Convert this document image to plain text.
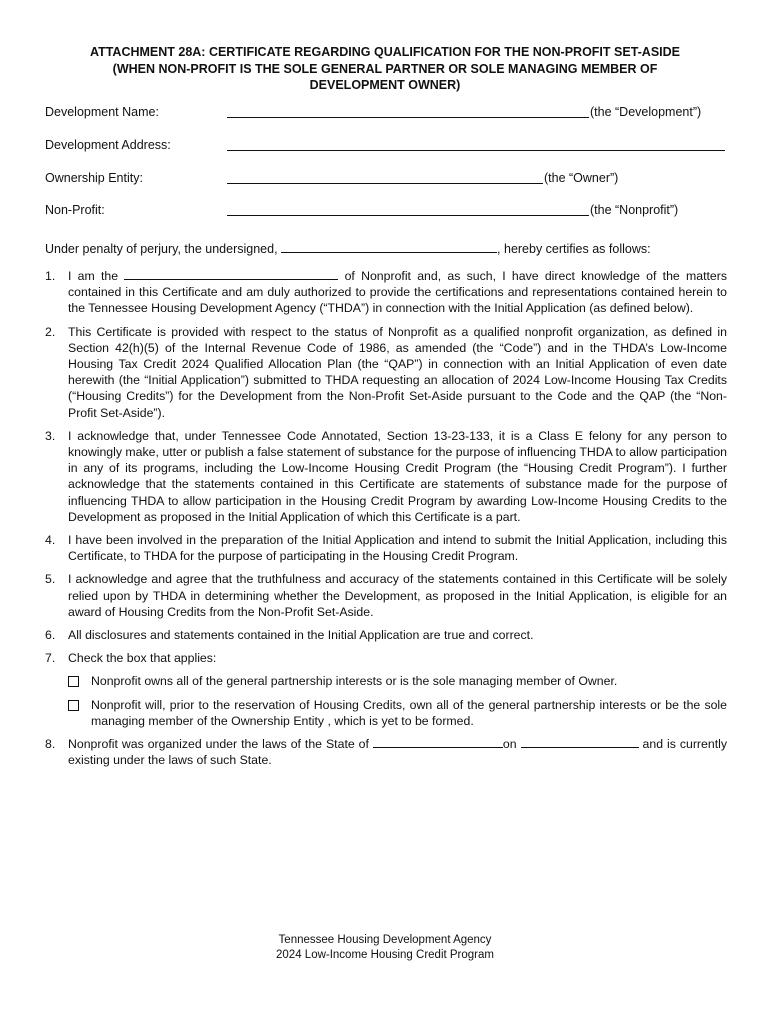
ATTACHMENT 28A: CERTIFICATE REGARDING QUALIFICATION FOR THE NON-PROFIT SET-ASIDE
(WHEN NON-PROFIT IS THE SOLE GENERAL PARTNER OR SOLE MANAGING MEMBER OF
DEVELOPMENT OWNER)
Development Name:	(the “Development”)
Development Address:
Ownership Entity:	(the “Owner”)
Non-Profit:	(the “Nonprofit”)
Under penalty of perjury, the undersigned,	, hereby certifies as follows:
1. I am the	of Nonprofit and, as such, I have direct knowledge of the matters contained in this Certificate and am duly authorized to provide the certifications and representations contained herein to the Tennessee Housing Development Agency (“THDA”) in connection with the Initial Application (as defined below).
2. This Certificate is provided with respect to the status of Nonprofit as a qualified nonprofit organization, as defined in Section 42(h)(5) of the Internal Revenue Code of 1986, as amended (the “Code”) and in the THDA’s Low-Income Housing Tax Credit 2024 Qualified Allocation Plan (the “QAP”) in connection with an Initial Application of even date herewith (the “Initial Application”) submitted to THDA requesting an allocation of 2024 Low-Income Housing Tax Credits (“Housing Credits”) for the Development from the Non-Profit Set-Aside pursuant to the Code and the QAP (the “Non-Profit Set-Aside”).
3. I acknowledge that, under Tennessee Code Annotated, Section 13-23-133, it is a Class E felony for any person to knowingly make, utter or publish a false statement of substance for the purpose of influencing THDA to allow participation in any of its programs, including the Low-Income Housing Credit Program (the “Housing Credit Program”). I further acknowledge that the statements contained in this Certificate are statements of substance made for the purpose of influencing THDA to allow participation in the Housing Credit Program by awarding Low-Income Housing Credits to the Development as proposed in the Initial Application of which this Certificate is a part.
4. I have been involved in the preparation of the Initial Application and intend to submit the Initial Application, including this Certificate, to THDA for the purpose of participating in the Housing Credit Program.
5. I acknowledge and agree that the truthfulness and accuracy of the statements contained in this Certificate will be solely relied upon by THDA in determining whether the Development, as proposed in the Initial Application, is eligible for an award of Housing Credits from the Non-Profit Set-Aside.
6. All disclosures and statements contained in the Initial Application are true and correct.
7. Check the box that applies:
Nonprofit owns all of the general partnership interests or is the sole managing member of Owner.
Nonprofit will, prior to the reservation of Housing Credits, own all of the general partnership interests or be the sole managing member of the Ownership Entity , which is yet to be formed.
8. Nonprofit was organized under the laws of the State of	on	and is currently existing under the laws of such State.
Tennessee Housing Development Agency
2024 Low-Income Housing Credit Program
